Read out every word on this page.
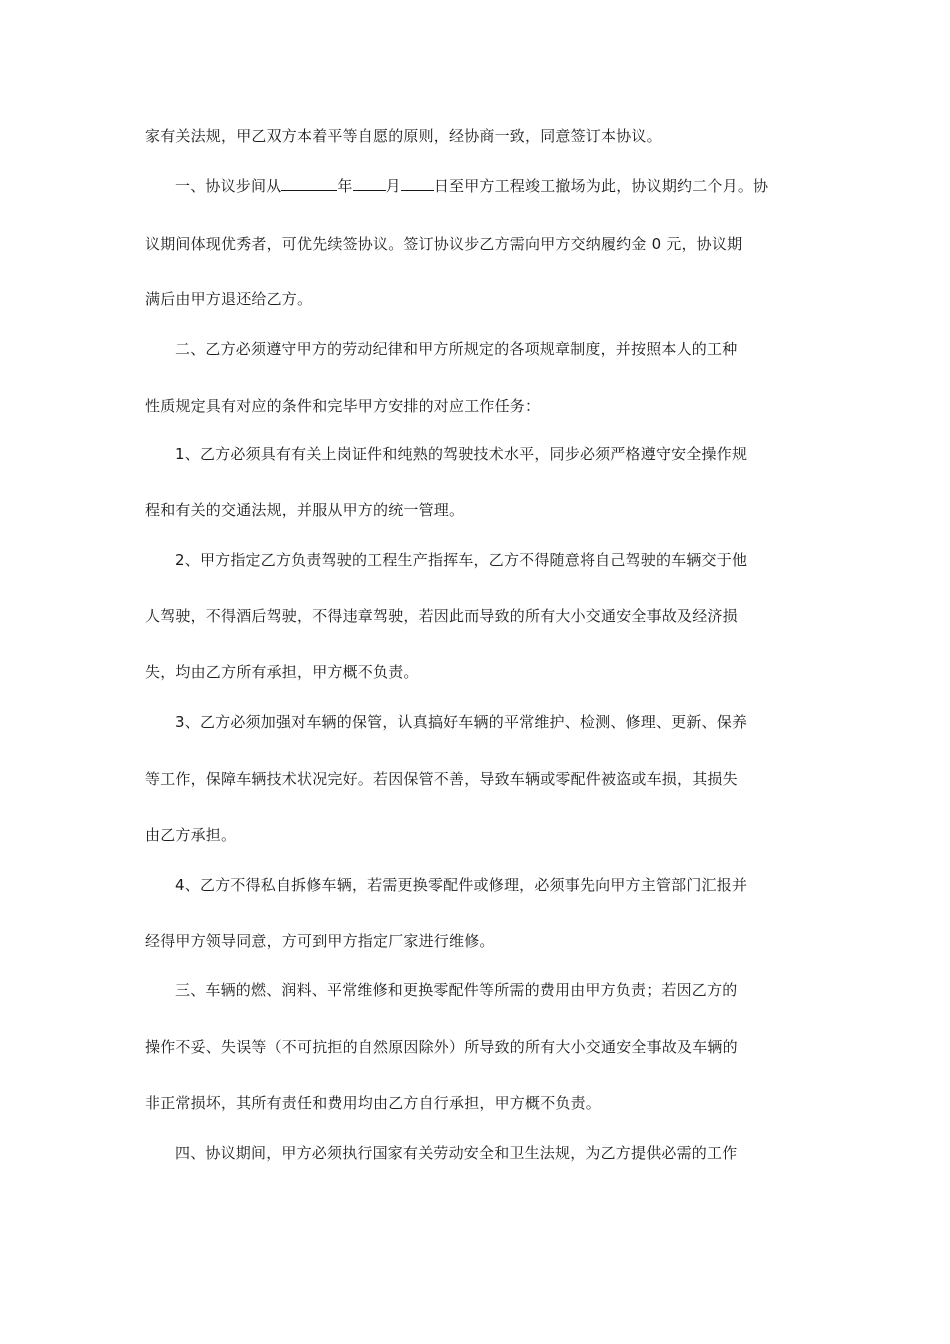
家有关法规，甲乙双方本着平等自愿的原则，经协商一致，同意签订本协议。
一、协议步间从	年 月 日至甲方工程竣工撤场为此，协议期约二个月。协
议期间体现优秀者，可优先续签协议。签订协议步乙方需向甲方交纳履约金 0 元，协议期
满后由甲方退还给乙方。
二、乙方必须遵守甲方的劳动纪律和甲方所规定的各项规章制度，并按照本人的工种
性质规定具有对应的条件和完毕甲方安排的对应工作任务：
1、乙方必须具有有关上岗证件和纯熟的驾驶技术水平，同步必须严格遵守安全操作规
程和有关的交通法规，并服从甲方的统一管理。
2、甲方指定乙方负责驾驶的工程生产指挥车，乙方不得随意将自己驾驶的车辆交于他
人驾驶，不得酒后驾驶，不得违章驾驶，若因此而导致的所有大小交通安全事故及经济损
失，均由乙方所有承担，甲方概不负责。
3、乙方必须加强对车辆的保管，认真搞好车辆的平常维护、检测、修理、更新、保养
等工作，保障车辆技术状况完好。若因保管不善，导致车辆或零配件被盗或车损，其损失
由乙方承担。
4、乙方不得私自拆修车辆，若需更换零配件或修理，必须事先向甲方主管部门汇报并
经得甲方领导同意，方可到甲方指定厂家进行维修。
三、车辆的燃、润料、平常维修和更换零配件等所需的费用由甲方负责；若因乙方的
操作不妥、失误等（不可抗拒的自然原因除外）所导致的所有大小交通安全事故及车辆的
非正常损坏，其所有责任和费用均由乙方自行承担，甲方概不负责。
四、协议期间，甲方必须执行国家有关劳动安全和卫生法规，为乙方提供必需的工作
